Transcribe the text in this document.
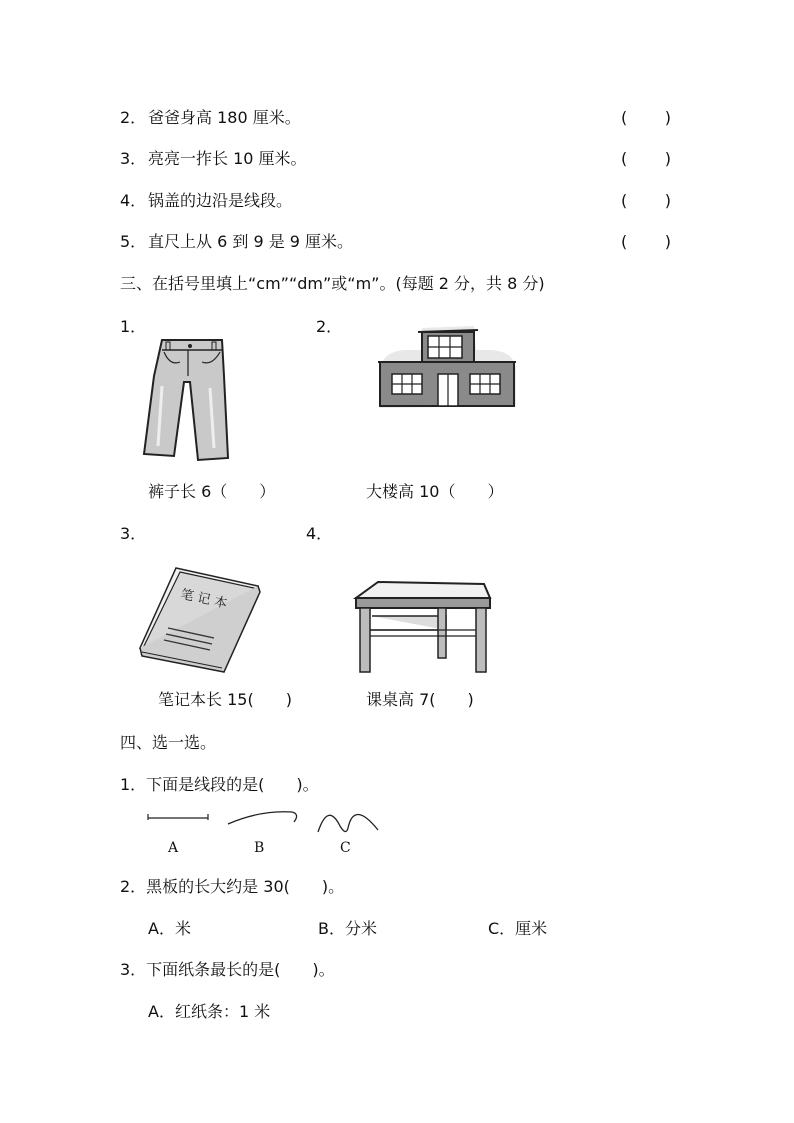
2． 爸爸身高 180 厘米。	( )
3． 亮亮一拃长 10 厘米。	( )
4． 锅盖的边沿是线段。	( )
5． 直尺上从 6 到 9 是 9 厘米。	( )
三、在括号里填上“cm”“dm”或“m”。(每题 2 分，共 8 分)
1．	2．
裤子长 6（　　）	大楼高 10（　　）
3．	4．
笔 记 本
笔记本长 15(　　)	课桌高 7(　　)
四、选一选。
1．下面是线段的是(　　)。
A	B	C
2．黑板的长大约是 30(　　)。
A．米	B．分米	C．厘米
3．下面纸条最长的是(　　)。
A．红纸条：1 米
